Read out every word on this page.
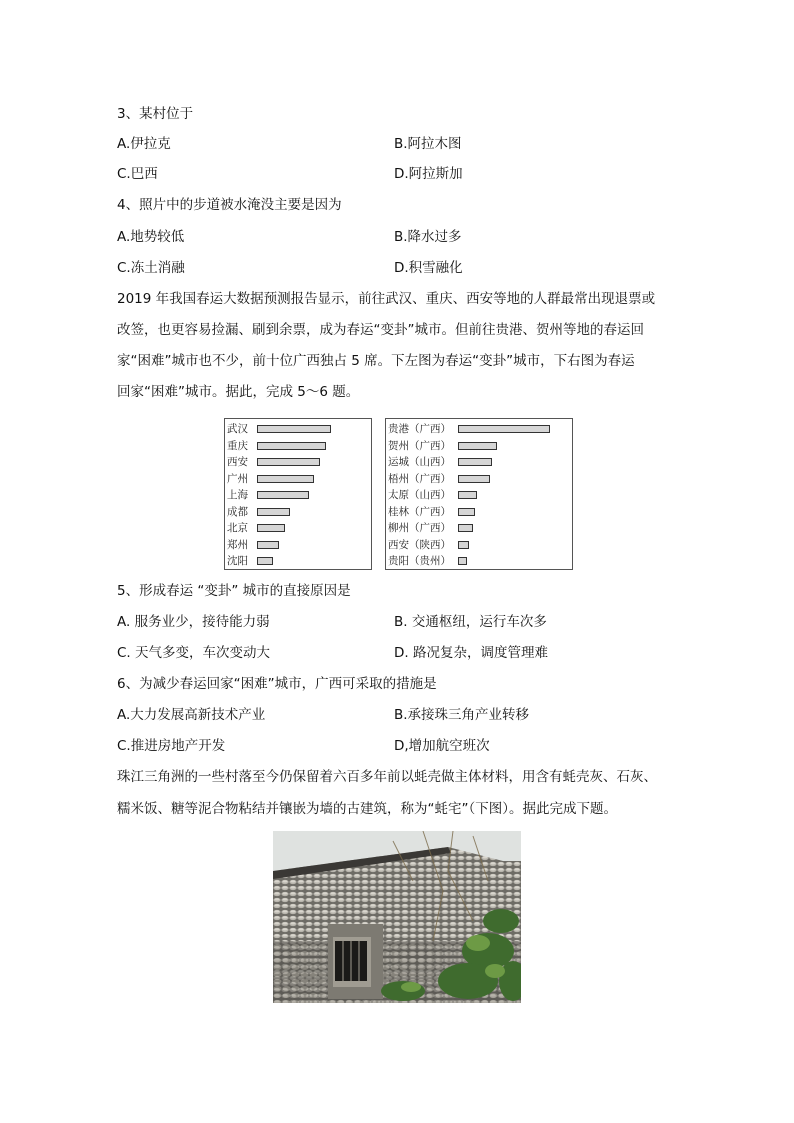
3、某村位于
A.伊拉克	B.阿拉木图
C.巴西	D.阿拉斯加
4、照片中的步道被水淹没主要是因为
A.地势较低	B.降水过多
C.冻土消融	D.积雪融化
2019 年我国春运大数据预测报告显示，前往武汉、重庆、西安等地的人群最常出现退票或
改签，也更容易捡漏、刷到余票，成为春运“变卦”城市。但前往贵港、贺州等地的春运回
家“困难”城市也不少，前十位广西独占 5 席。下左图为春运“变卦”城市，下右图为春运
回家“困难”城市。据此，完成 5～6 题。
武汉
重庆
西安
广州
上海
成都
北京
郑州
沈阳
贵港（广西）
贺州（广西）
运城（山西）
梧州（广西）
太原（山西）
桂林（广西）
柳州（广西）
西安（陕西）
贵阳（贵州）
5、形成春运 “变卦” 城市的直接原因是
A. 服务业少，接待能力弱	B. 交通枢纽，运行车次多
C. 天气多变，车次变动大	D. 路况复杂，调度管理难
6、为减少春运回家“困难”城市，广西可采取的措施是
A.大力发展高新技术产业	B.承接珠三角产业转移
C.推进房地产开发	D,增加航空班次
珠江三角洲的一些村落至今仍保留着六百多年前以蚝壳做主体材料，用含有蚝壳灰、石灰、
糯米饭、糖等泥合物粘结并镶嵌为墙的古建筑，称为“蚝宅”（下图）。据此完成下题。
